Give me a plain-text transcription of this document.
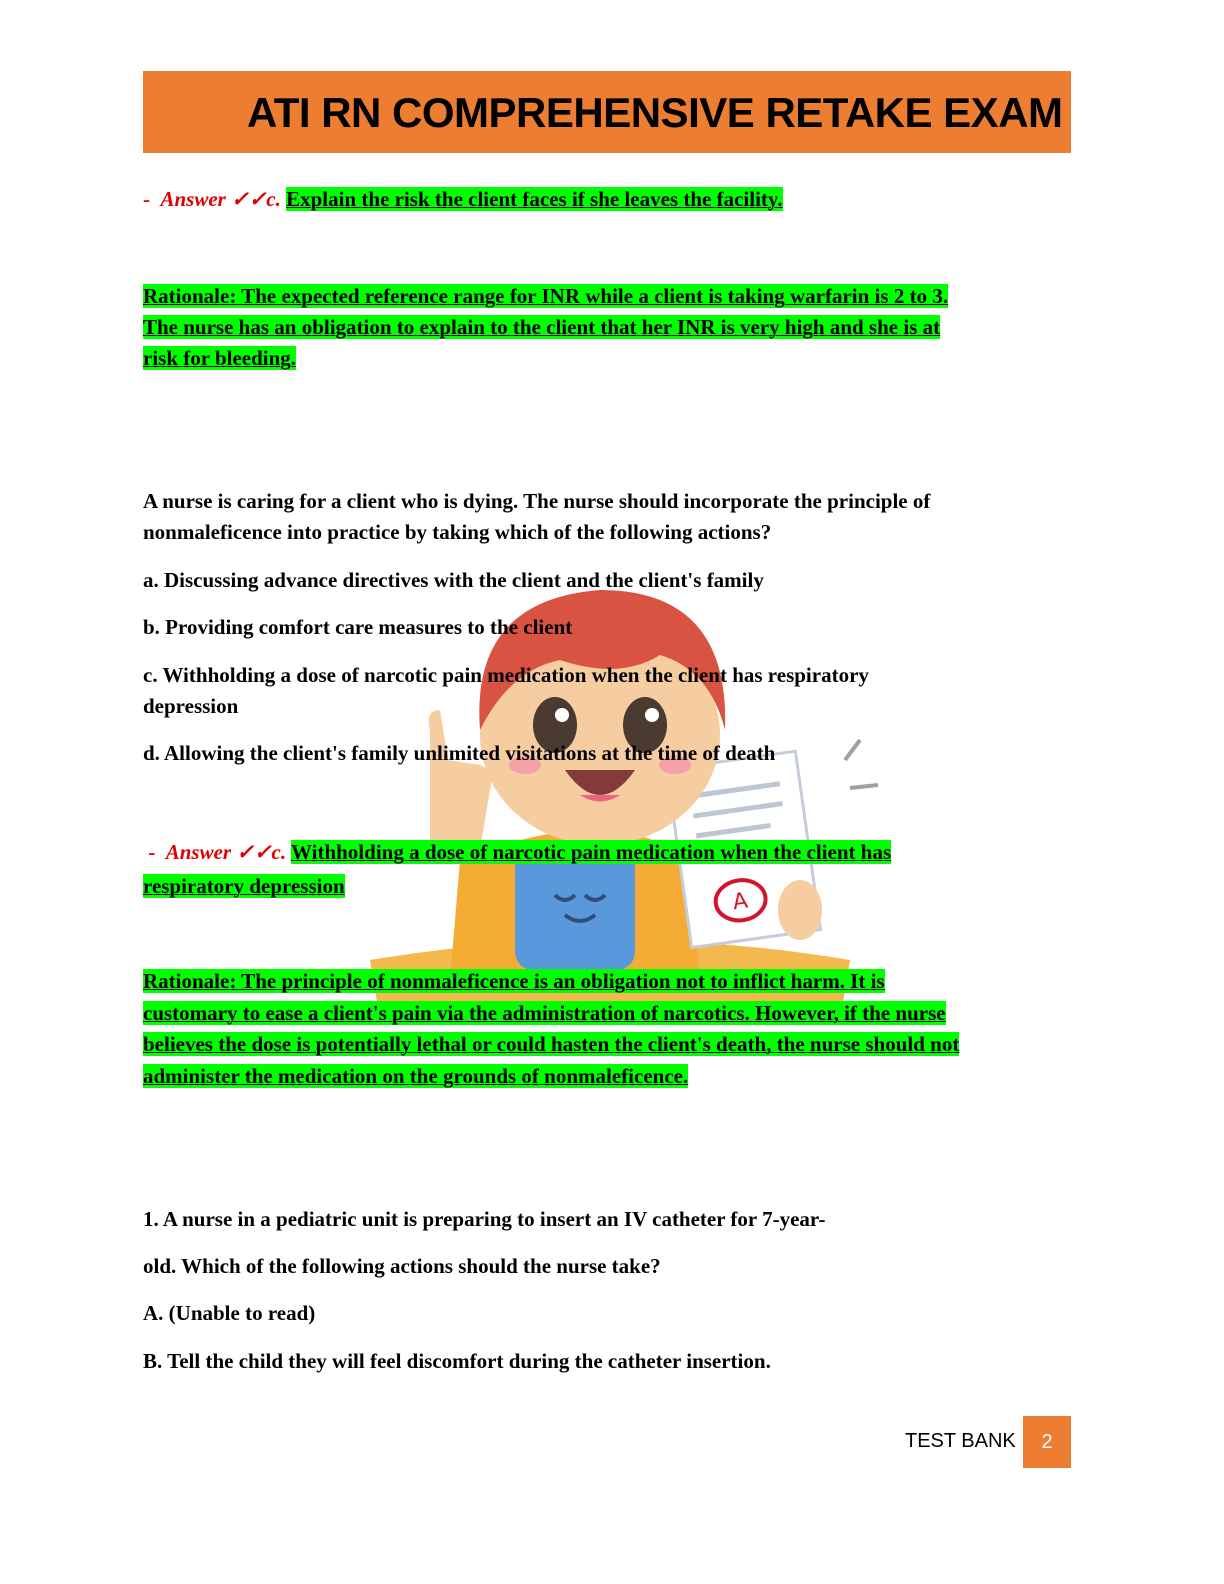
ATI RN COMPREHENSIVE RETAKE EXAM
A
- Answer ✓✓c. Explain the risk the client faces if she leaves the facility.
Rationale: The expected reference range for INR while a client is taking warfarin is 2 to 3.
The nurse has an obligation to explain to the client that her INR is very high and she is at
risk for bleeding.
A nurse is caring for a client who is dying. The nurse should incorporate the principle of
nonmaleficence into practice by taking which of the following actions?
a. Discussing advance directives with the client and the client's family
b. Providing comfort care measures to the client
c. Withholding a dose of narcotic pain medication when the client has respiratory
depression
d. Allowing the client's family unlimited visitations at the time of death
- Answer ✓✓c. Withholding a dose of narcotic pain medication when the client has
respiratory depression
Rationale: The principle of nonmaleficence is an obligation not to inflict harm. It is
customary to ease a client's pain via the administration of narcotics. However, if the nurse
believes the dose is potentially lethal or could hasten the client's death, the nurse should not
administer the medication on the grounds of nonmaleficence.
1. A nurse in a pediatric unit is preparing to insert an IV catheter for 7-year-
old. Which of the following actions should the nurse take?
A. (Unable to read)
B. Tell the child they will feel discomfort during the catheter insertion.
TEST BANK	2
